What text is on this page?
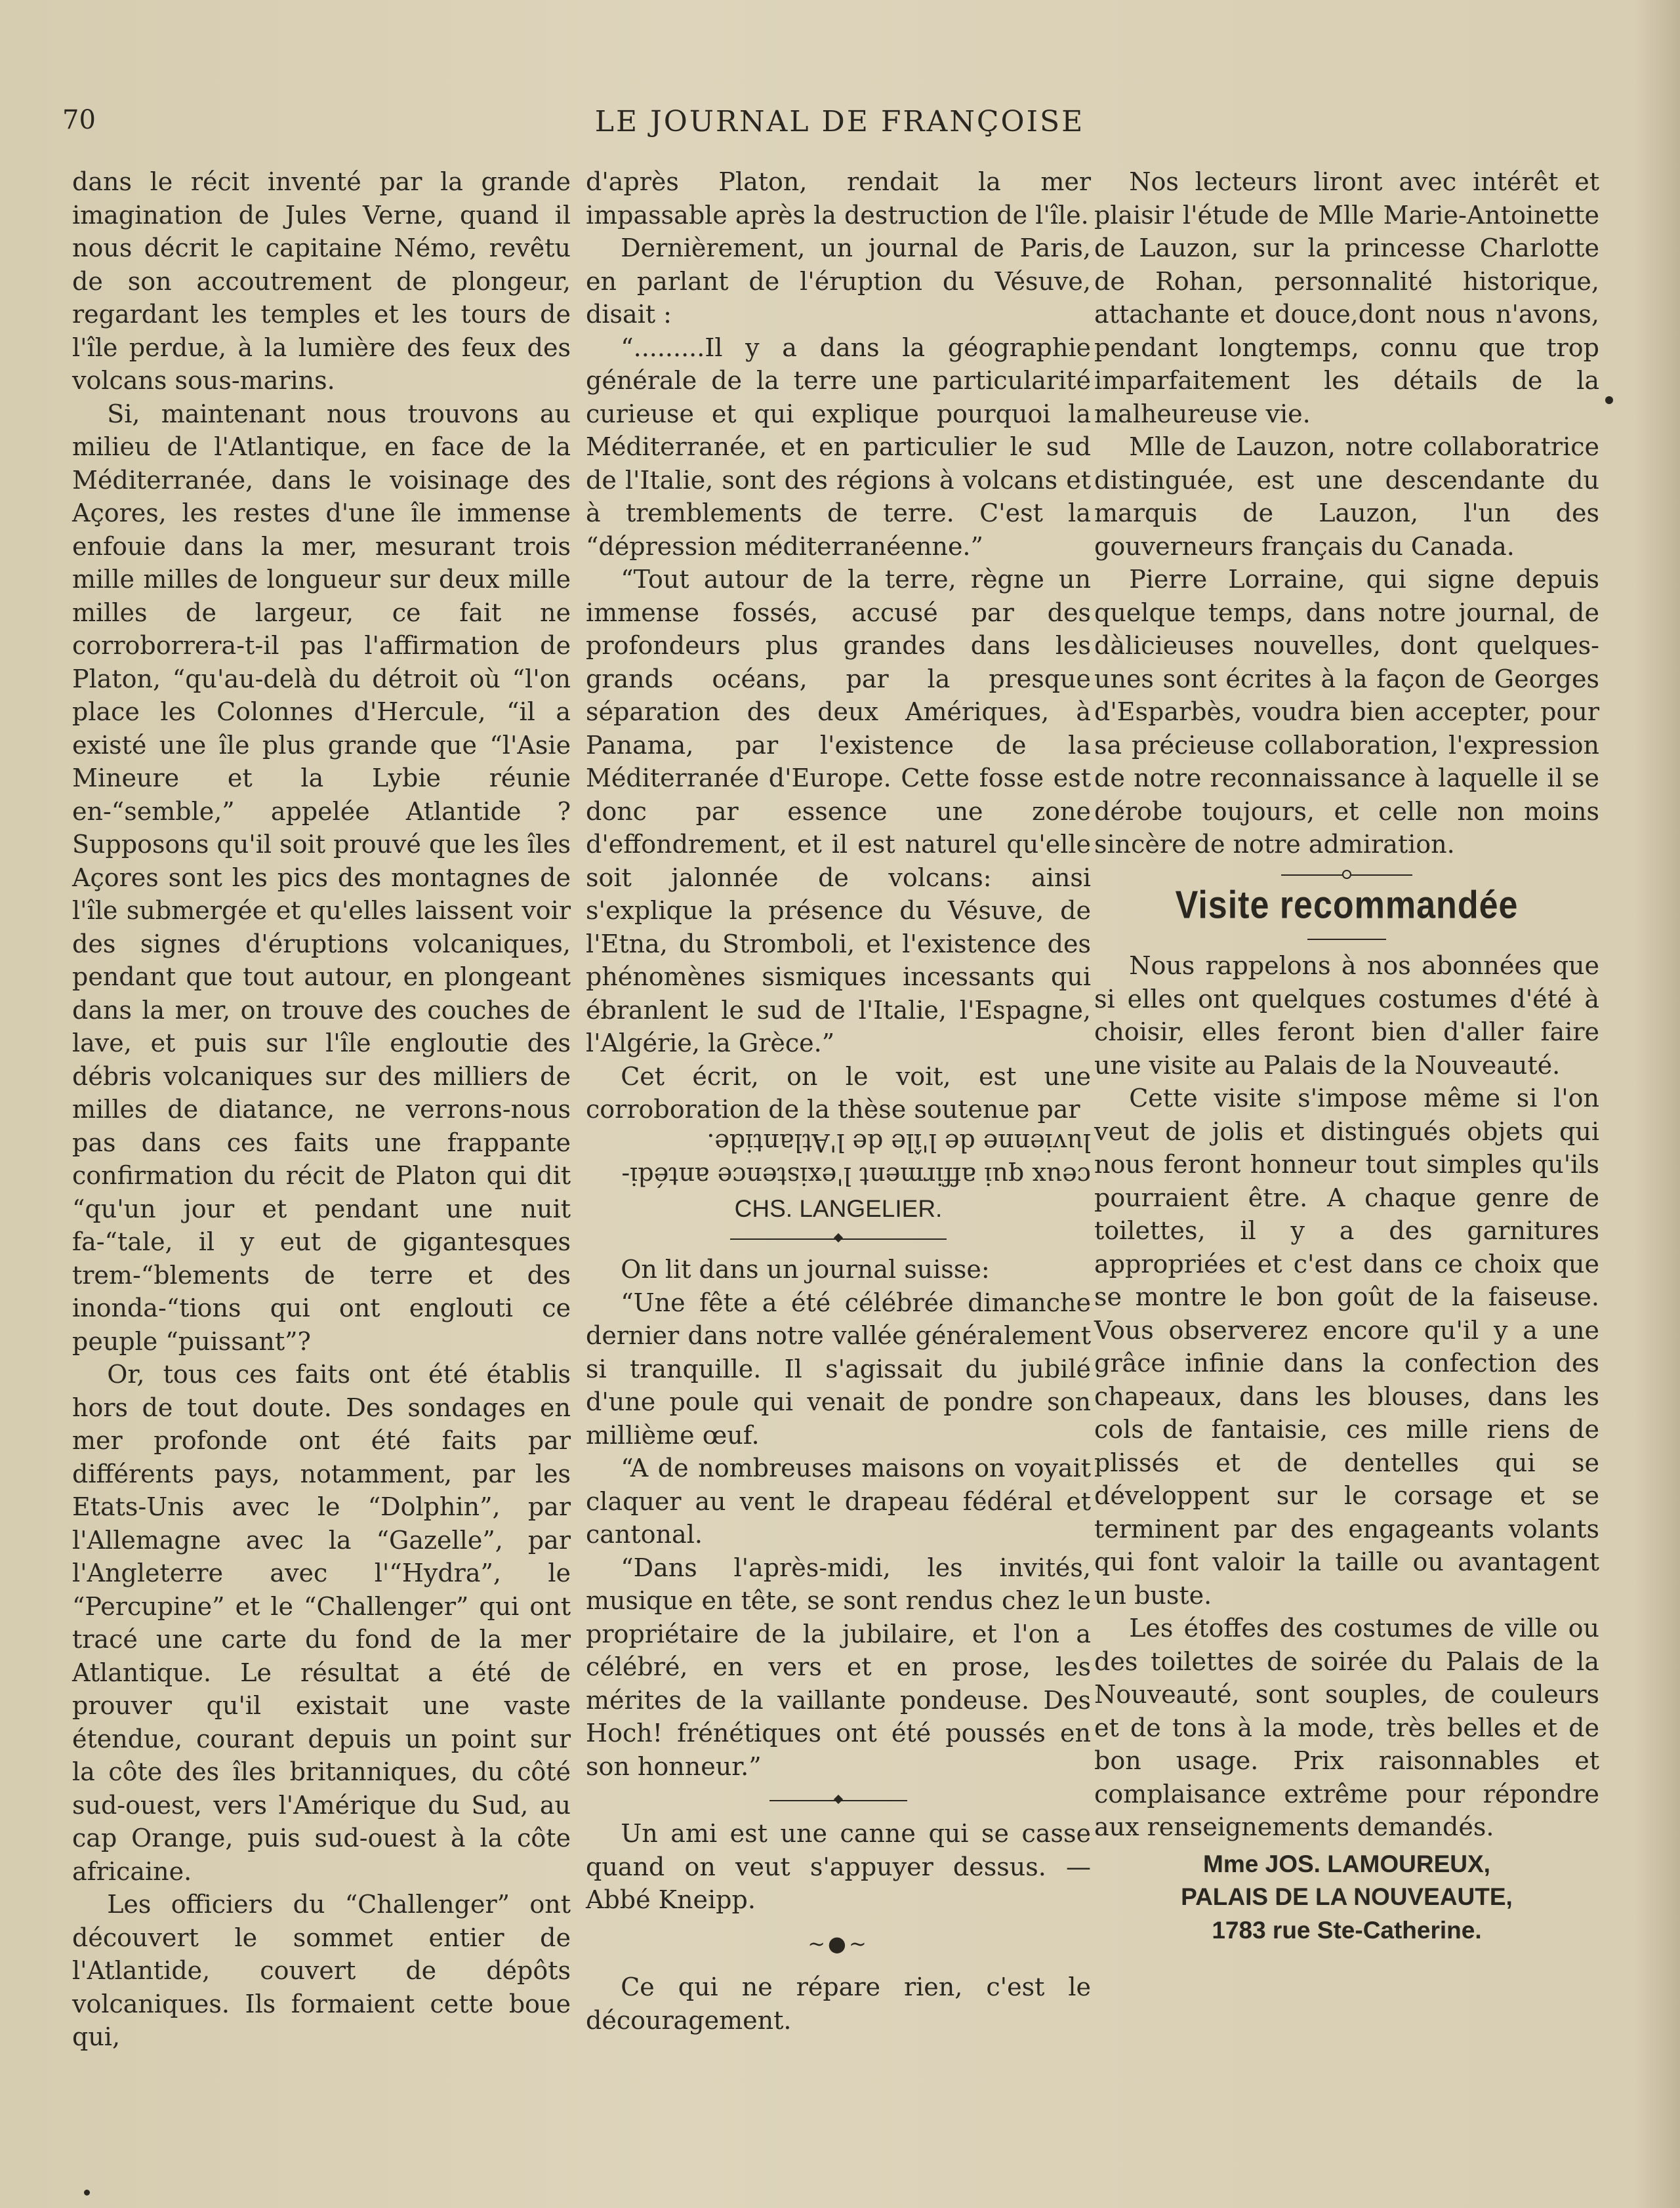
70	LE JOURNAL DE FRANÇOISE

dans le récit inventé par la grande imagination de Jules Verne, quand il nous décrit le capitaine Némo, revêtu de son accoutrement de plongeur, regardant les temples et les tours de l'île perdue, à la lumière des feux des volcans sous-marins.

Si, maintenant nous trouvons au milieu de l'Atlantique, en face de la Méditerranée, dans le voisinage des Açores, les restes d'une île immense enfouie dans la mer, mesurant trois mille milles de longueur sur deux mille milles de largeur, ce fait ne corroborrera-t-il pas l'affirmation de Platon, “qu'au-delà du détroit où “l'on place les Colonnes d'Hercule, “il a existé une île plus grande que “l'Asie Mineure et la Lybie réunie en-“semble,” appelée Atlantide ? Supposons qu'il soit prouvé que les îles Açores sont les pics des montagnes de l'île submergée et qu'elles laissent voir des signes d'éruptions volcaniques, pendant que tout autour, en plongeant dans la mer, on trouve des couches de lave, et puis sur l'île engloutie des débris volcaniques sur des milliers de milles de diatance, ne verrons-nous pas dans ces faits une frappante confirmation du récit de Platon qui dit “qu'un jour et pendant une nuit fa-“tale, il y eut de gigantesques trem-“blements de terre et des inonda-“tions qui ont englouti ce peuple “puissant”?

Or, tous ces faits ont été établis hors de tout doute. Des sondages en mer profonde ont été faits par différents pays, notamment, par les Etats-Unis avec le “Dolphin”, par l'Allemagne avec la “Gazelle”, par l'Angleterre avec l'“Hydra”, le “Percupine” et le “Challenger” qui ont tracé une carte du fond de la mer Atlantique. Le résultat a été de prouver qu'il existait une vaste étendue, courant depuis un point sur la côte des îles britanniques, du côté sud-ouest, vers l'Amérique du Sud, au cap Orange, puis sud-ouest à la côte africaine.

Les officiers du “Challenger” ont découvert le sommet entier de l'Atlantide, couvert de dépôts volcaniques. Ils formaient cette boue qui,

d'après Platon, rendait la mer impassable après la destruction de l'île.

Dernièrement, un journal de Paris, en parlant de l'éruption du Vésuve, disait :

“.........Il y a dans la géographie générale de la terre une particularité curieuse et qui explique pourquoi la Méditerranée, et en particulier le sud de l'Italie, sont des régions à volcans et à tremblements de terre. C'est la “dépression méditerranéenne.”

“Tout autour de la terre, règne un immense fossés, accusé par des profondeurs plus grandes dans les grands océans, par la presque séparation des deux Amériques, à Panama, par l'existence de la Méditerranée d'Europe. Cette fosse est donc par essence une zone d'effondrement, et il est naturel qu'elle soit jalonnée de volcans: ainsi s'explique la présence du Vésuve, de l'Etna, du Stromboli, et l'existence des phénomènes sismiques incessants qui ébranlent le sud de l'Italie, l'Espagne, l'Algérie, la Grèce.”

Cet écrit, on le voit, est une corroboration de la thèse soutenue par

ceux qui affirment l'existence antédi-
luvienne de l'île de l'Atlantide.
CHS. LANGELIER.

On lit dans un journal suisse:

“Une fête a été célébrée dimanche dernier dans notre vallée généralement si tranquille. Il s'agissait du jubilé d'une poule qui venait de pondre son millième œuf.

“A de nombreuses maisons on voyait claquer au vent le drapeau fédéral et cantonal.

“Dans l'après-midi, les invités, musique en tête, se sont rendus chez le propriétaire de la jubilaire, et l'on a célébré, en vers et en prose, les mérites de la vaillante pondeuse. Des Hoch! frénétiques ont été poussés en son honneur.”

Un ami est une canne qui se casse quand on veut s'appuyer dessus. — Abbé Kneipp.

~●~

Ce qui ne répare rien, c'est le découragement.

Nos lecteurs liront avec intérêt et plaisir l'étude de Mlle Marie-Antoinette de Lauzon, sur la princesse Charlotte de Rohan, personnalité historique, attachante et douce,dont nous n'avons, pendant longtemps, connu que trop imparfaitement les détails de la malheureuse vie.

Mlle de Lauzon, notre collaboratrice distinguée, est une descendante du marquis de Lauzon, l'un des gouverneurs français du Canada.

Pierre Lorraine, qui signe depuis quelque temps, dans notre journal, de dàlicieuses nouvelles, dont quelques-unes sont écrites à la façon de Georges d'Esparbès, voudra bien accepter, pour sa précieuse collaboration, l'expression de notre reconnaissance à laquelle il se dérobe toujours, et celle non moins sincère de notre admiration.

Visite recommandée

Nous rappelons à nos abonnées que si elles ont quelques costumes d'été à choisir, elles feront bien d'aller faire une visite au Palais de la Nouveauté.

Cette visite s'impose même si l'on veut de jolis et distingués objets qui nous feront honneur tout simples qu'ils pourraient être. A chaque genre de toilettes, il y a des garnitures appropriées et c'est dans ce choix que se montre le bon goût de la faiseuse. Vous observerez encore qu'il y a une grâce infinie dans la confection des chapeaux, dans les blouses, dans les cols de fantaisie, ces mille riens de plissés et de dentelles qui se développent sur le corsage et se terminent par des engageants volants qui font valoir la taille ou avantagent un buste.

Les étoffes des costumes de ville ou des toilettes de soirée du Palais de la Nouveauté, sont souples, de couleurs et de tons à la mode, très belles et de bon usage. Prix raisonnables et complaisance extrême pour répondre aux renseignements demandés.

Mme JOS. LAMOUREUX,
PALAIS DE LA NOUVEAUTE,
1783 rue Ste-Catherine.
